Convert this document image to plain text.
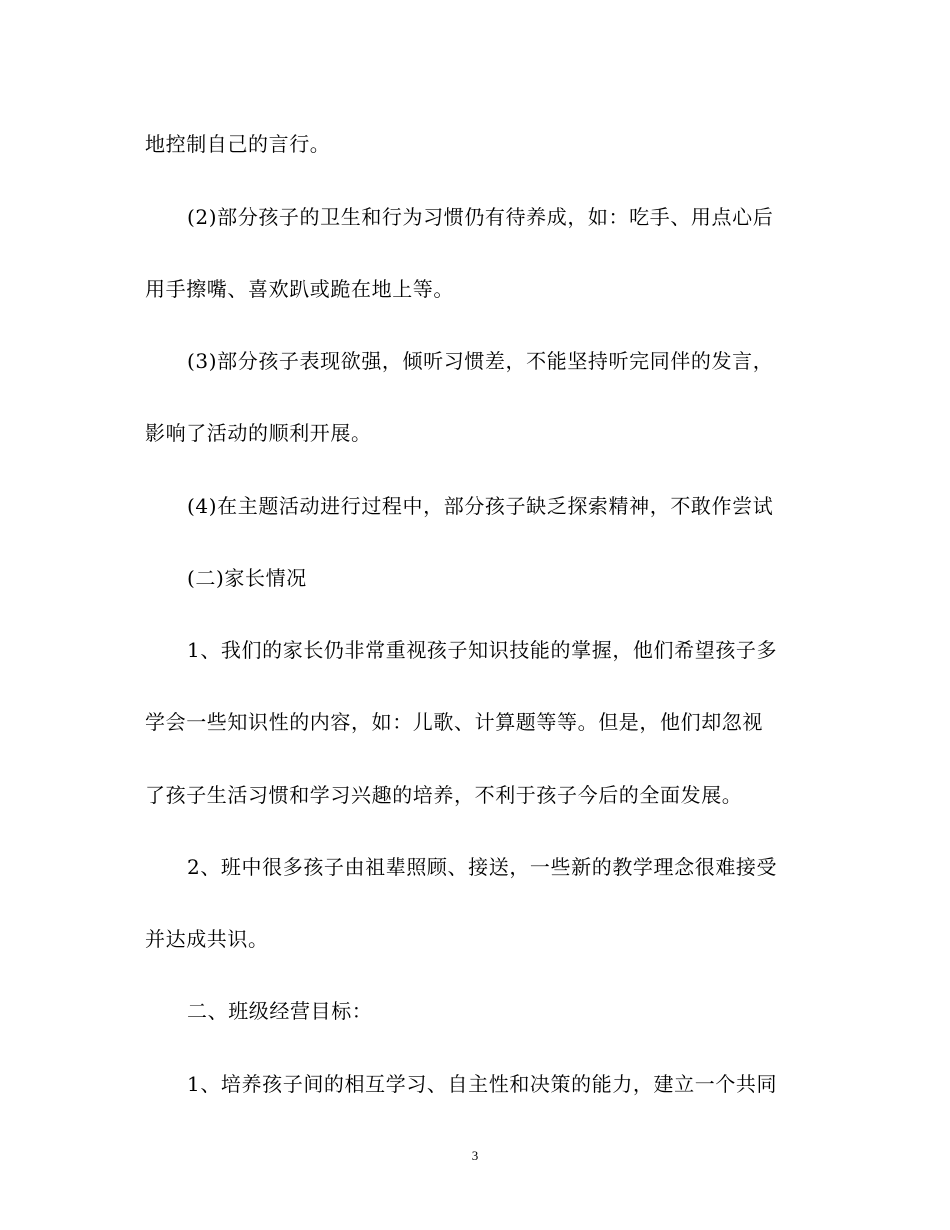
地控制自己的言行。
(2)部分孩子的卫生和行为习惯仍有待养成，如：吃手、用点心后
用手擦嘴、喜欢趴或跪在地上等。
(3)部分孩子表现欲强，倾听习惯差，不能坚持听完同伴的发言，
影响了活动的顺利开展。
(4)在主题活动进行过程中，部分孩子缺乏探索精神，不敢作尝试
(二)家长情况
1、我们的家长仍非常重视孩子知识技能的掌握，他们希望孩子多
学会一些知识性的内容，如：儿歌、计算题等等。但是，他们却忽视
了孩子生活习惯和学习兴趣的培养，不利于孩子今后的全面发展。
2、班中很多孩子由祖辈照顾、接送，一些新的教学理念很难接受
并达成共识。
二、班级经营目标：
1、培养孩子间的相互学习、自主性和决策的能力，建立一个共同
3
